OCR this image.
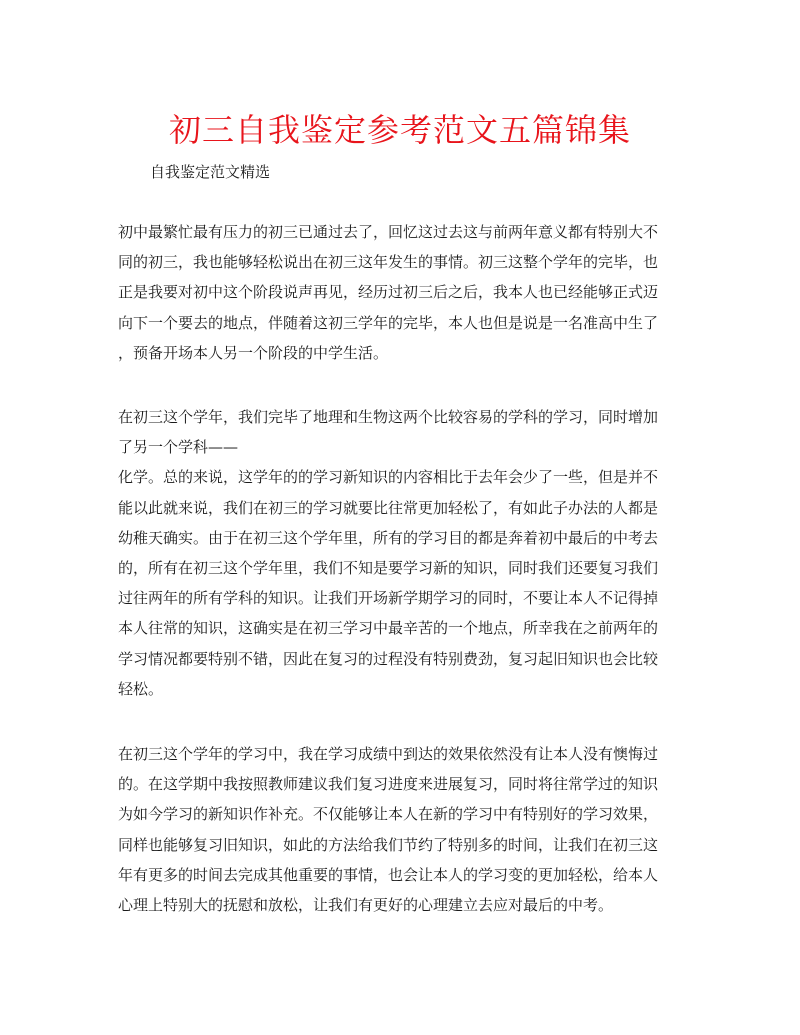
初三自我鉴定参考范文五篇锦集
自我鉴定范文精选

初中最繁忙最有压力的初三已通过去了，回忆这过去这与前两年意义都有特别大不
同的初三，我也能够轻松说出在初三这年发生的事情。初三这整个学年的完毕，也
正是我要对初中这个阶段说声再见，经历过初三后之后，我本人也已经能够正式迈
向下一个要去的地点，伴随着这初三学年的完毕，本人也但是说是一名准高中生了
，预备开场本人另一个阶段的中学生活。

在初三这个学年，我们完毕了地理和生物这两个比较容易的学科的学习，同时增加
了另一个学科——
化学。总的来说，这学年的的学习新知识的内容相比于去年会少了一些，但是并不
能以此就来说，我们在初三的学习就要比往常更加轻松了，有如此子办法的人都是
幼稚天确实。由于在初三这个学年里，所有的学习目的都是奔着初中最后的中考去
的，所有在初三这个学年里，我们不知是要学习新的知识，同时我们还要复习我们
过往两年的所有学科的知识。让我们开场新学期学习的同时，不要让本人不记得掉
本人往常的知识，这确实是在初三学习中最辛苦的一个地点，所幸我在之前两年的
学习情况都要特别不错，因此在复习的过程没有特别费劲，复习起旧知识也会比较
轻松。

在初三这个学年的学习中，我在学习成绩中到达的效果依然没有让本人没有懊悔过
的。在这学期中我按照教师建议我们复习进度来进展复习，同时将往常学过的知识
为如今学习的新知识作补充。不仅能够让本人在新的学习中有特别好的学习效果，
同样也能够复习旧知识，如此的方法给我们节约了特别多的时间，让我们在初三这
年有更多的时间去完成其他重要的事情，也会让本人的学习变的更加轻松，给本人
心理上特别大的抚慰和放松，让我们有更好的心理建立去应对最后的中考。
